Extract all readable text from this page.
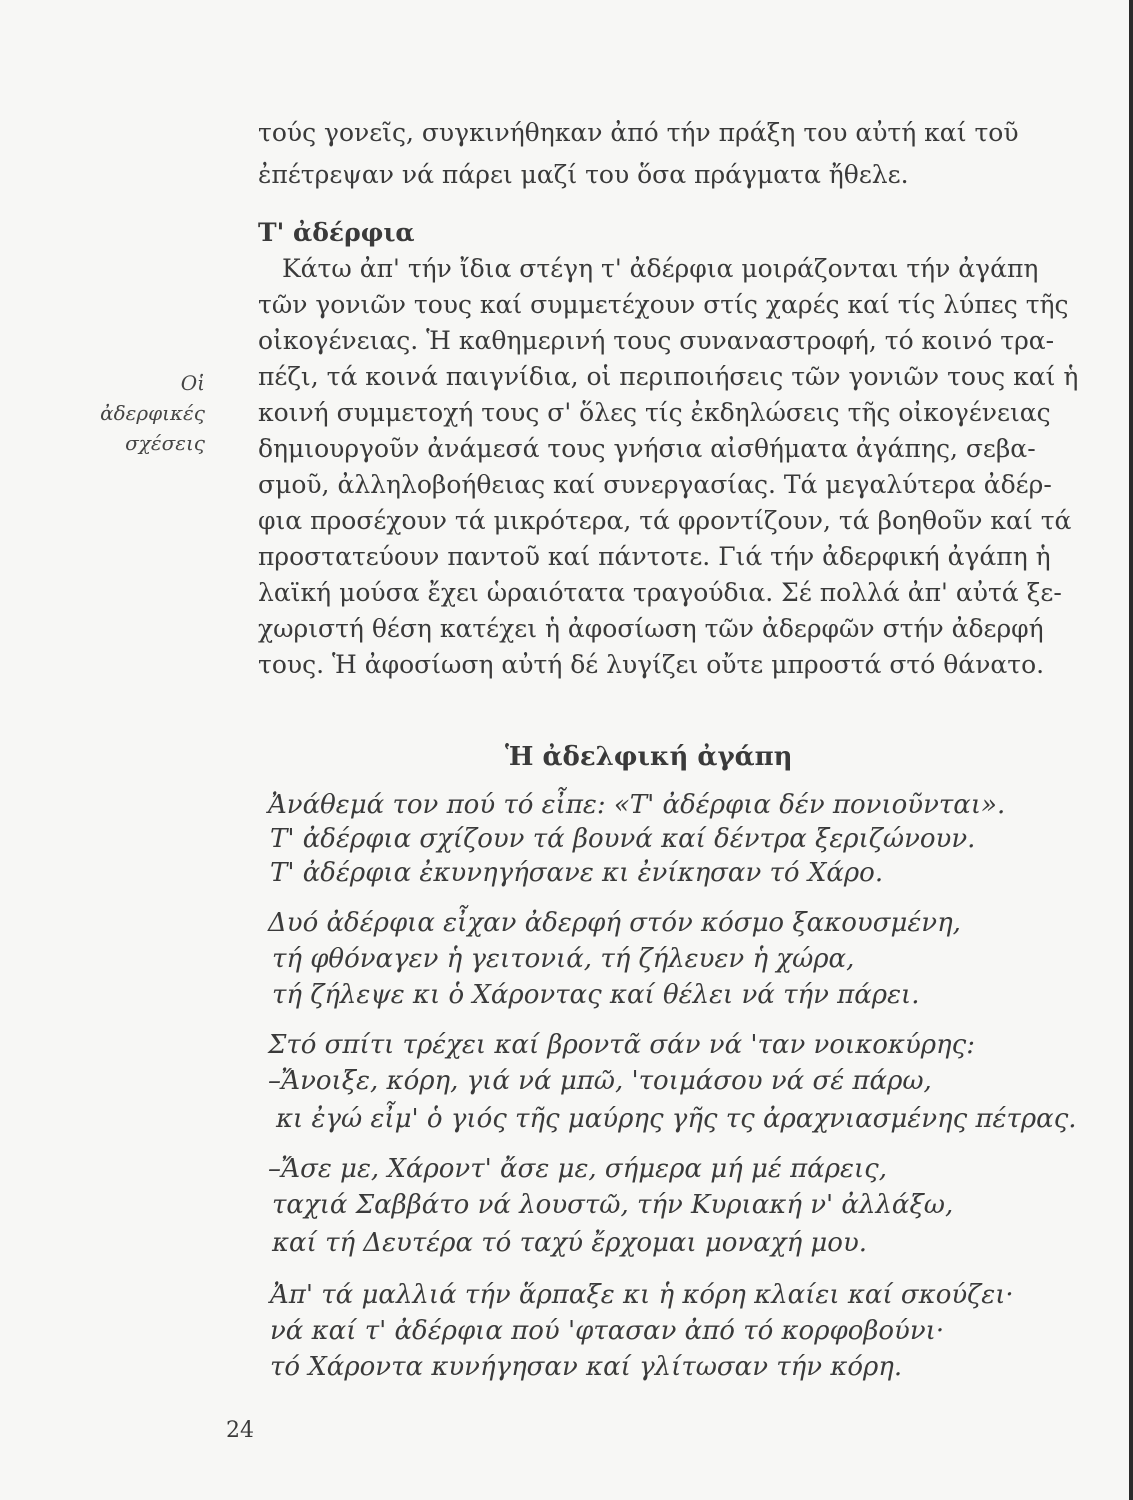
τούς γονεῖς, συγκινήθηκαν ἀπό τήν πράξη του αὐτή καί τοῦ
ἐπέτρεψαν νά πάρει μαζί του ὅσα πράγματα ἤθελε.
Τ' ἀδέρφια
Κάτω ἀπ' τήν ἴδια στέγη τ' ἀδέρφια μοιράζονται τήν ἀγάπη
τῶν γονιῶν τους καί συμμετέχουν στίς χαρές καί τίς λύπες τῆς
οἰκογένειας. Ἡ καθημερινή τους συναναστροφή, τό κοινό τρα-
πέζι, τά κοινά παιγνίδια, οἱ περιποιήσεις τῶν γονιῶν τους καί ἡ
κοινή συμμετοχή τους σ' ὅλες τίς ἐκδηλώσεις τῆς οἰκογένειας
δημιουργοῦν ἀνάμεσά τους γνήσια αἰσθήματα ἀγάπης, σεβα-
σμοῦ, ἀλληλοβοήθειας καί συνεργασίας. Τά μεγαλύτερα ἀδέρ-
φια προσέχουν τά μικρότερα, τά φροντίζουν, τά βοηθοῦν καί τά
προστατεύουν παντοῦ καί πάντοτε. Γιά τήν ἀδερφική ἀγάπη ἡ
λαϊκή μούσα ἔχει ὡραιότατα τραγούδια. Σέ πολλά ἀπ' αὐτά ξε-
χωριστή θέση κατέχει ἡ ἀφοσίωση τῶν ἀδερφῶν στήν ἀδερφή
τους. Ἡ ἀφοσίωση αὐτή δέ λυγίζει οὔτε μπροστά στό θάνατο.
Οἱ
ἀδερφικές
σχέσεις
Ἡ ἀδελφική ἀγάπη
Ἀνάθεμά τον πού τό εἶπε: «Τ' ἀδέρφια δέν πονιοῦνται».
Τ' ἀδέρφια σχίζουν τά βουνά καί δέντρα ξεριζώνουν.
Τ' ἀδέρφια ἐκυνηγήσανε κι ἐνίκησαν τό Χάρο.
Δυό ἀδέρφια εἶχαν ἀδερφή στόν κόσμο ξακουσμένη,
τή φθόναγεν ἡ γειτονιά, τή ζήλευεν ἡ χώρα,
τή ζήλεψε κι ὁ Χάροντας καί θέλει νά τήν πάρει.
Στό σπίτι τρέχει καί βροντᾶ σάν νά 'ταν νοικοκύρης:
–Ἄνοιξε, κόρη, γιά νά μπῶ, 'τοιμάσου νά σέ πάρω,
κι ἐγώ εἶμ' ὁ γιός τῆς μαύρης γῆς τς ἀραχνιασμένης πέτρας.
–Ἄσε με, Χάροντ' ἄσε με, σήμερα μή μέ πάρεις,
ταχιά Σαββάτο νά λουστῶ, τήν Κυριακή ν' ἀλλάξω,
καί τή Δευτέρα τό ταχύ ἔρχομαι μοναχή μου.
Ἀπ' τά μαλλιά τήν ἅρπαξε κι ἡ κόρη κλαίει καί σκούζει·
νά καί τ' ἀδέρφια πού 'φτασαν ἀπό τό κορφοβούνι·
τό Χάροντα κυνήγησαν καί γλίτωσαν τήν κόρη.
24
